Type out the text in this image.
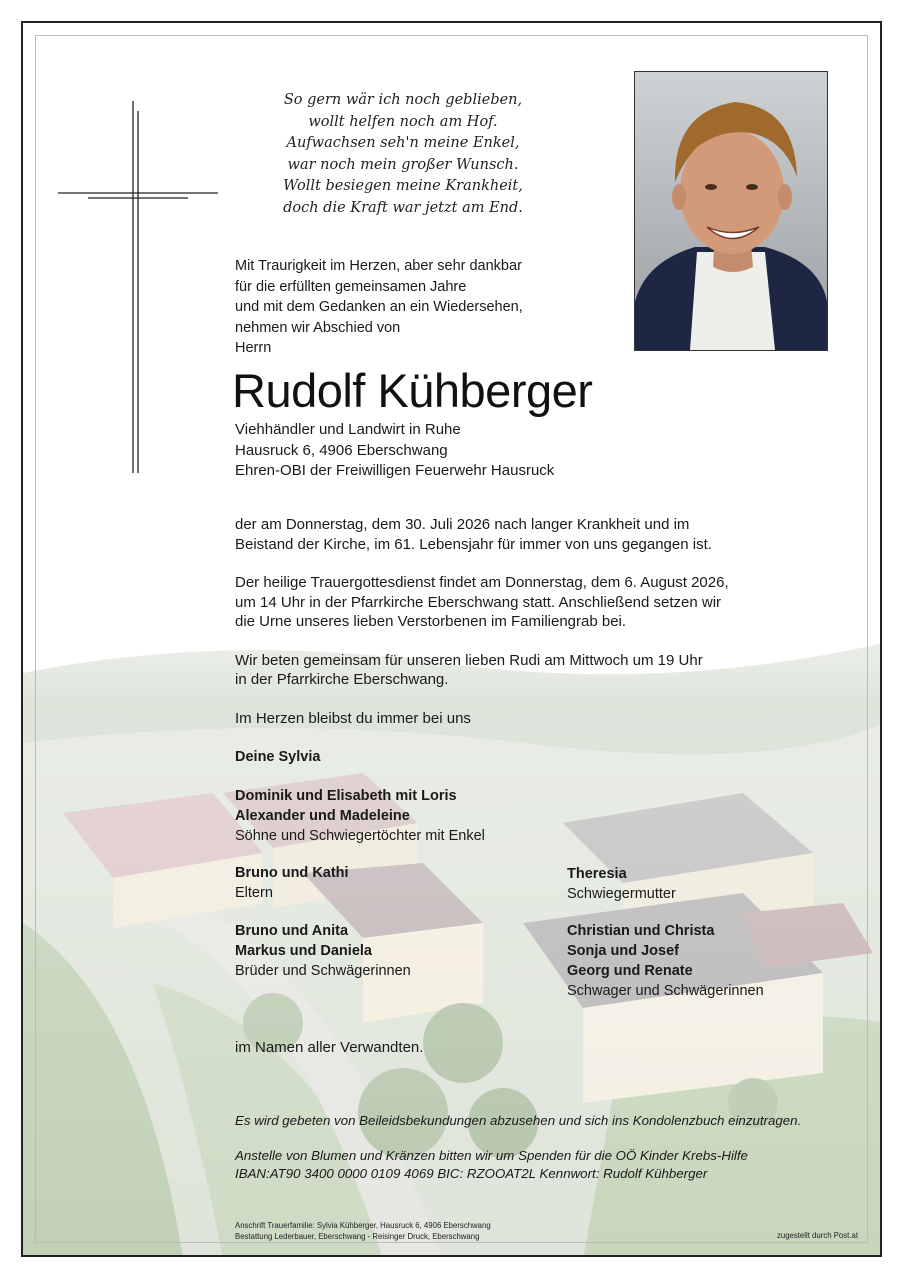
So gern wär ich noch geblieben,
wollt helfen noch am Hof.
Aufwachsen seh'n meine Enkel,
war noch mein großer Wunsch.
Wollt besiegen meine Krankheit,
doch die Kraft war jetzt am End.
Mit Traurigkeit im Herzen, aber sehr dankbar
für die erfüllten gemeinsamen Jahre
und mit dem Gedanken an ein Wiedersehen,
nehmen wir Abschied von
Herrn
Rudolf Kühberger
Viehhändler und Landwirt in Ruhe
Hausruck 6, 4906 Eberschwang
Ehren-OBI der Freiwilligen Feuerwehr Hausruck
der am Donnerstag, dem 30. Juli 2026 nach langer Krankheit und im
Beistand der Kirche, im 61. Lebensjahr für immer von uns gegangen ist.
Der heilige Trauergottesdienst findet am Donnerstag, dem 6. August 2026,
um 14 Uhr in der Pfarrkirche Eberschwang statt. Anschließend setzen wir
die Urne unseres lieben Verstorbenen im Familiengrab bei.
Wir beten gemeinsam für unseren lieben Rudi am Mittwoch um 19 Uhr
in der Pfarrkirche Eberschwang.
Im Herzen bleibst du immer bei uns
Deine Sylvia
Dominik und Elisabeth mit Loris
Alexander und Madeleine
Söhne und Schwiegertöchter mit Enkel
Bruno und Kathi
Eltern
Theresia
Schwiegermutter
Bruno und Anita
Markus und Daniela
Brüder und Schwägerinnen
Christian und Christa
Sonja und Josef
Georg und Renate
Schwager und Schwägerinnen
im Namen aller Verwandten.
Es wird gebeten von Beileidsbekundungen abzusehen und sich ins Kondolenzbuch einzutragen.
Anstelle von Blumen und Kränzen bitten wir um Spenden für die OÖ Kinder Krebs-Hilfe
IBAN:AT90 3400 0000 0109 4069 BIC: RZOOAT2L Kennwort: Rudolf Kühberger
Anschrift Trauerfamilie: Sylvia Kühberger, Hausruck 6, 4906 Eberschwang
Bestattung Lederbauer, Eberschwang - Reisinger Druck, Eberschwang	zugestellt durch Post.at
